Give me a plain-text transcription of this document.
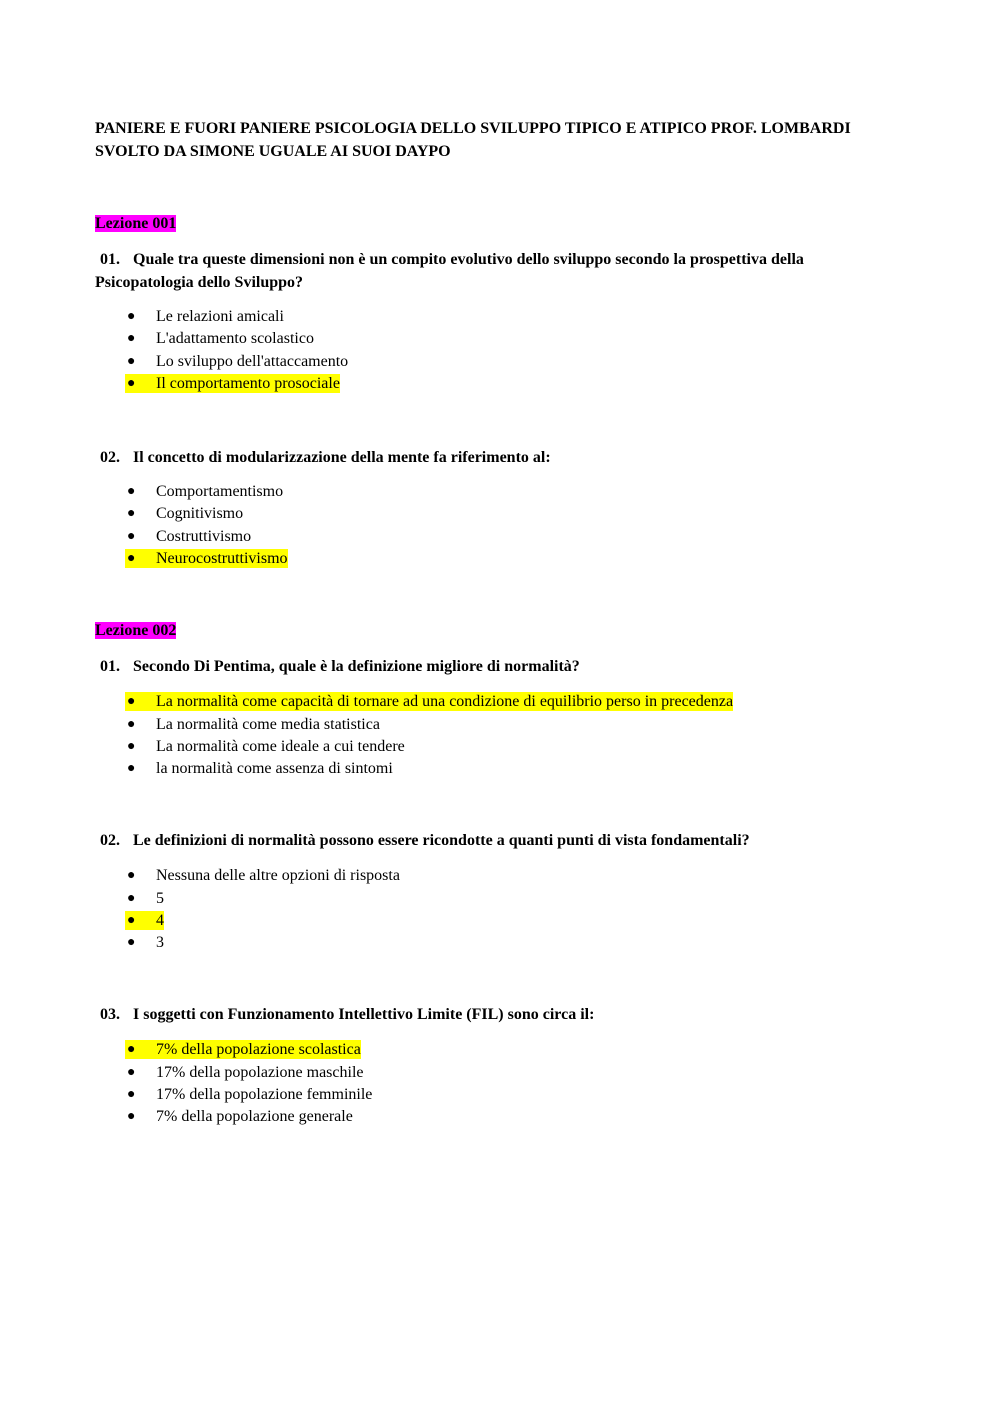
PANIERE E FUORI PANIERE PSICOLOGIA DELLO SVILUPPO TIPICO E ATIPICO PROF. LOMBARDI
SVOLTO DA SIMONE UGUALE AI SUOI DAYPO

Lezione 001

01. Quale tra queste dimensioni non è un compito evolutivo dello sviluppo secondo la prospettiva della
Psicopatologia dello Sviluppo?

Le relazioni amicali
●
L'adattamento scolastico
●
Lo sviluppo dell'attaccamento
●
Il comportamento prosociale
●

02. Il concetto di modularizzazione della mente fa riferimento al:

Comportamentismo
●
Cognitivismo
●
Costruttivismo
●
Neurocostruttivismo
●

Lezione 002

01. Secondo Di Pentima, quale è la definizione migliore di normalità?

La normalità come capacità di tornare ad una condizione di equilibrio perso in precedenza
●
La normalità come media statistica
●
La normalità come ideale a cui tendere
●
la normalità come assenza di sintomi
●

02. Le definizioni di normalità possono essere ricondotte a quanti punti di vista fondamentali?

Nessuna delle altre opzioni di risposta
●
5
●
4
●
3
●

03. I soggetti con Funzionamento Intellettivo Limite (FIL) sono circa il:

7% della popolazione scolastica
●
17% della popolazione maschile
●
17% della popolazione femminile
●
7% della popolazione generale
●
